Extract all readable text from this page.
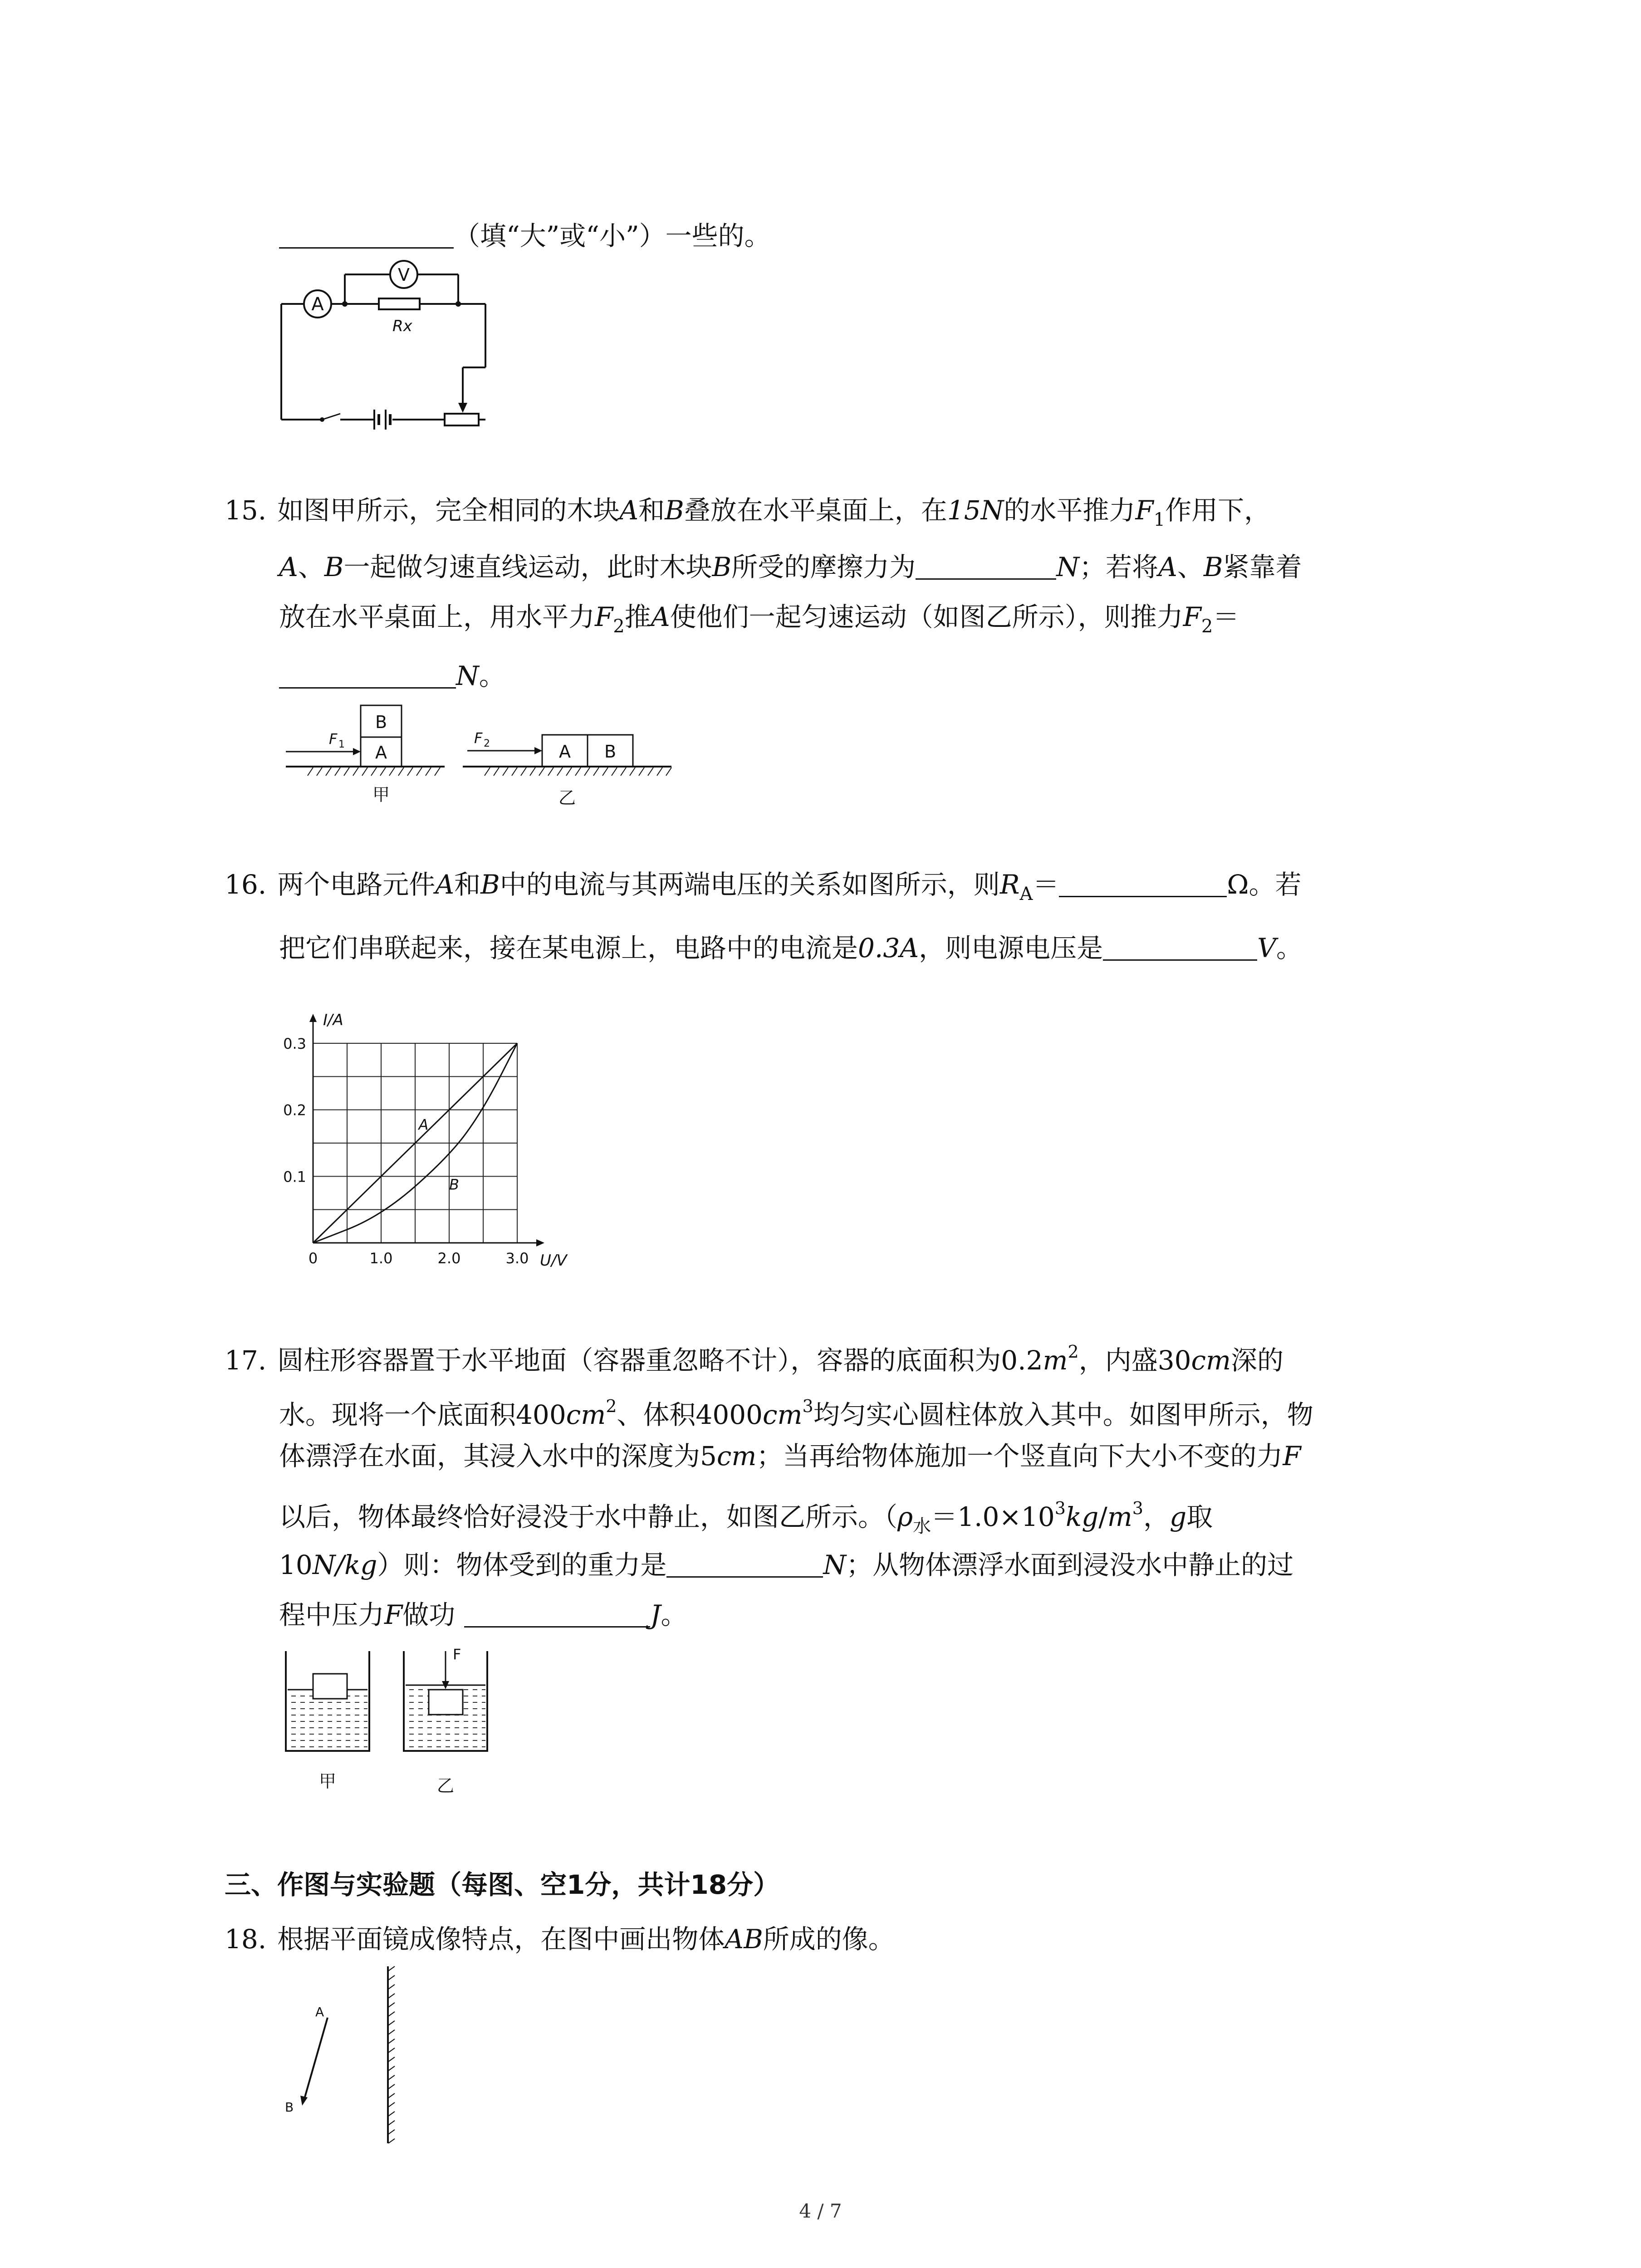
（填“大”或“小”）一些的。
A
V
Rx
15. 如图甲所示，完全相同的木块A和B叠放在水平桌面上，在15N的水平推力$F_1$作用下，
A、B一起做匀速直线运动，此时木块B所受的摩擦力为	N；若将A、B紧靠着
放在水平桌面上，用水平力$F_2$推A使他们一起匀速运动（如图乙所示），则推力$F_2=$
N。
B
A
F 1
甲
A B
F 2
乙
16. 两个电路元件A和B中的电流与其两端电压的关系如图所示，则$R_A=$	Ω。若
把它们串联起来，接在某电源上，电路中的电流是0.3A，则电源电压是	V。
A
B
0	1.0	2.0	3.0
0.1
0.2
0.3
U/V
I/A
17. 圆柱形容器置于水平地面（容器重忽略不计），容器的底面积为$0.2m^2$，内盛30cm深的
水。现将一个底面积$400cm^2$、体积$4000cm^3$均匀实心圆柱体放入其中。如图甲所示，物
体漂浮在水面，其浸入水中的深度为5cm；当再给物体施加一个竖直向下大小不变的力F
以后，物体最终恰好浸没于水中静止，如图乙所示。（$\rho_水=1.0\times 10^3kg/m^3$，g取
10N/kg）则：物体受到的重力是	N；从物体漂浮水面到浸没水中静止的过
程中压力F做功	J。
甲
F
乙
三、作图与实验题（每图、空1分，共计18分）
18. 根据平面镜成像特点，在图中画出物体AB所成的像。
A
B
4 / 7
